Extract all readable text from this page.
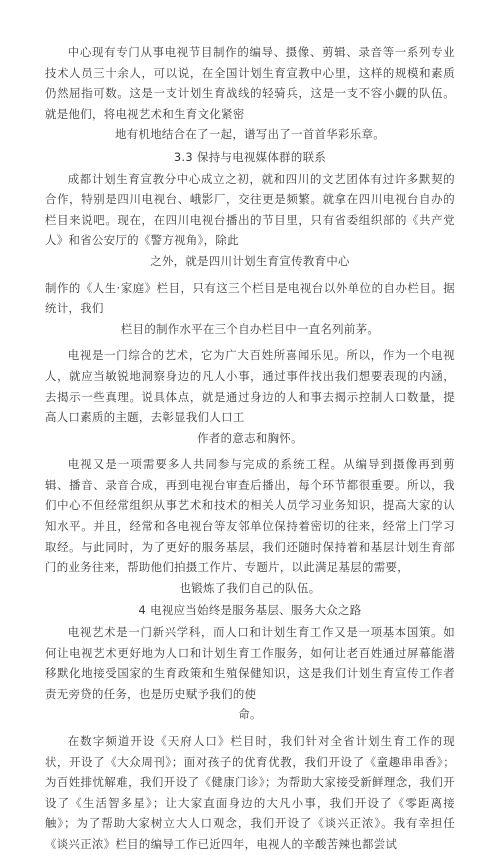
中心现有专门从事电视节目制作的编导、摄像、剪辑、录音等一系列专业技术人员三十余人，可以说，在全国计划生育宣教中心里，这样的规模和素质仍然屈指可数。这是一支计划生育战线的轻骑兵，这是一支不容小觑的队伍。就是他们，将电视艺术和生育文化紧密

地有机地结合在了一起，谱写出了一首首华彩乐章。

3.3 保持与电视媒体群的联系

成都计划生育宣教分中心成立之初，就和四川的文艺团体有过许多默契的合作，特别是四川电视台、峨影厂，交往更是频繁。就拿在四川电视台自办的栏目来说吧。现在，在四川电视台播出的节目里，只有省委组织部的《共产党人》和省公安厅的《警方视角》，除此

之外，就是四川计划生育宣传教育中心

制作的《人生·家庭》栏目，只有这三个栏目是电视台以外单位的自办栏目。据统计，我们

栏目的制作水平在三个自办栏目中一直名列前茅。

电视是一门综合的艺术，它为广大百姓所喜闻乐见。所以，作为一个电视人，就应当敏锐地洞察身边的凡人小事，通过事件找出我们想要表现的内涵，去揭示一些真理。说具体点，就是通过身边的人和事去揭示控制人口数量，提高人口素质的主题，去彰显我们人口工

作者的意志和胸怀。

电视又是一项需要多人共同参与完成的系统工程。从编导到摄像再到剪辑、播音、录音合成，再到电视台审查后播出，每个环节都很重要。所以，我们中心不但经常组织从事艺术和技术的相关人员学习业务知识，提高大家的认知水平。并且，经常和各电视台等友邻单位保持着密切的往来，经常上门学习取经。与此同时，为了更好的服务基层，我们还随时保持着和基层计划生育部门的业务往来，帮助他们拍摄工作片、专题片，以此满足基层的需要，

也锻炼了我们自己的队伍。

4 电视应当始终是服务基层、服务大众之路

电视艺术是一门新兴学科，而人口和计划生育工作又是一项基本国策。如何让电视艺术更好地为人口和计划生育工作服务，如何让老百姓通过屏幕能潜移默化地接受国家的生育政策和生殖保健知识，这是我们计划生育宣传工作者责无旁贷的任务，也是历史赋予我们的使

命。

在数字频道开设《天府人口》栏目时，我们针对全省计划生育工作的现状，开设了《大众周刊》；面对孩子的优育优教，我们开设了《童趣串串香》；为百姓排忧解难，我们开设了《健康门诊》；为帮助大家接受新鲜理念，我们开设了《生活智多星》；让大家直面身边的大凡小事，我们开设了《零距离接触》；为了帮助大家树立大人口观念，我们开设了《谈兴正浓》。我有幸担任《谈兴正浓》栏目的编导工作已近四年，电视人的辛酸苦辣也都尝试
